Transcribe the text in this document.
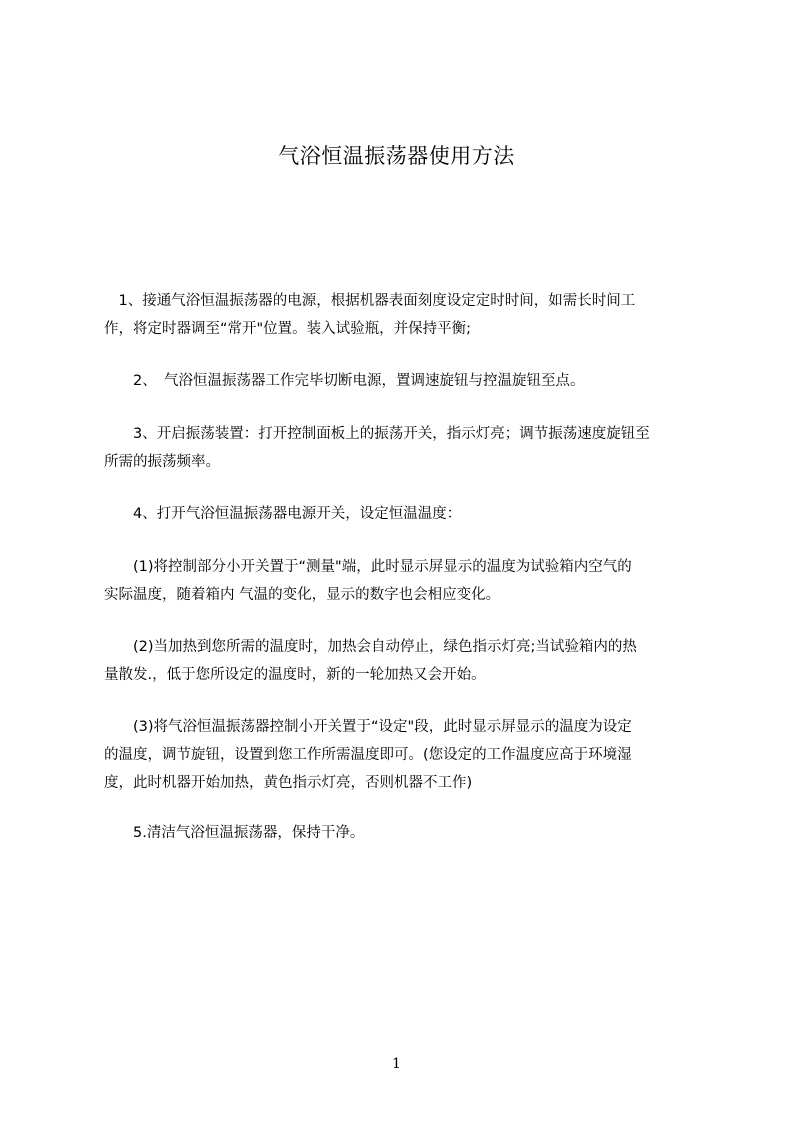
气浴恒温振荡器使用方法
　1、接通气浴恒温振荡器的电源，根据机器表面刻度设定定时时间，如需长时间工
作，将定时器调至“常开"位置。装入试验瓶，并保持平衡;
　　2、　气浴恒温振荡器工作完毕切断电源，置调速旋钮与控温旋钮至点。
　　3、开启振荡装置：打开控制面板上的振荡开关，指示灯亮；调节振荡速度旋钮至
所需的振荡频率。
　　4、打开气浴恒温振荡器电源开关，设定恒温温度：
　　(1)将控制部分小开关置于“测量"端，此时显示屏显示的温度为试验箱内空气的
实际温度，随着箱内 气温的变化，显示的数字也会相应变化。
　　(2)当加热到您所需的温度时，加热会自动停止，绿色指示灯亮;当试验箱内的热
量散发.，低于您所设定的温度时，新的一轮加热又会开始。
　　(3)将气浴恒温振荡器控制小开关置于“设定"段，此时显示屏显示的温度为设定
的温度，调节旋钮，设置到您工作所需温度即可。(您设定的工作温度应高于环境湿
度，此时机器开始加热，黄色指示灯亮，否则机器不工作)
　　5.清洁气浴恒温振荡器，保持干净。
1
